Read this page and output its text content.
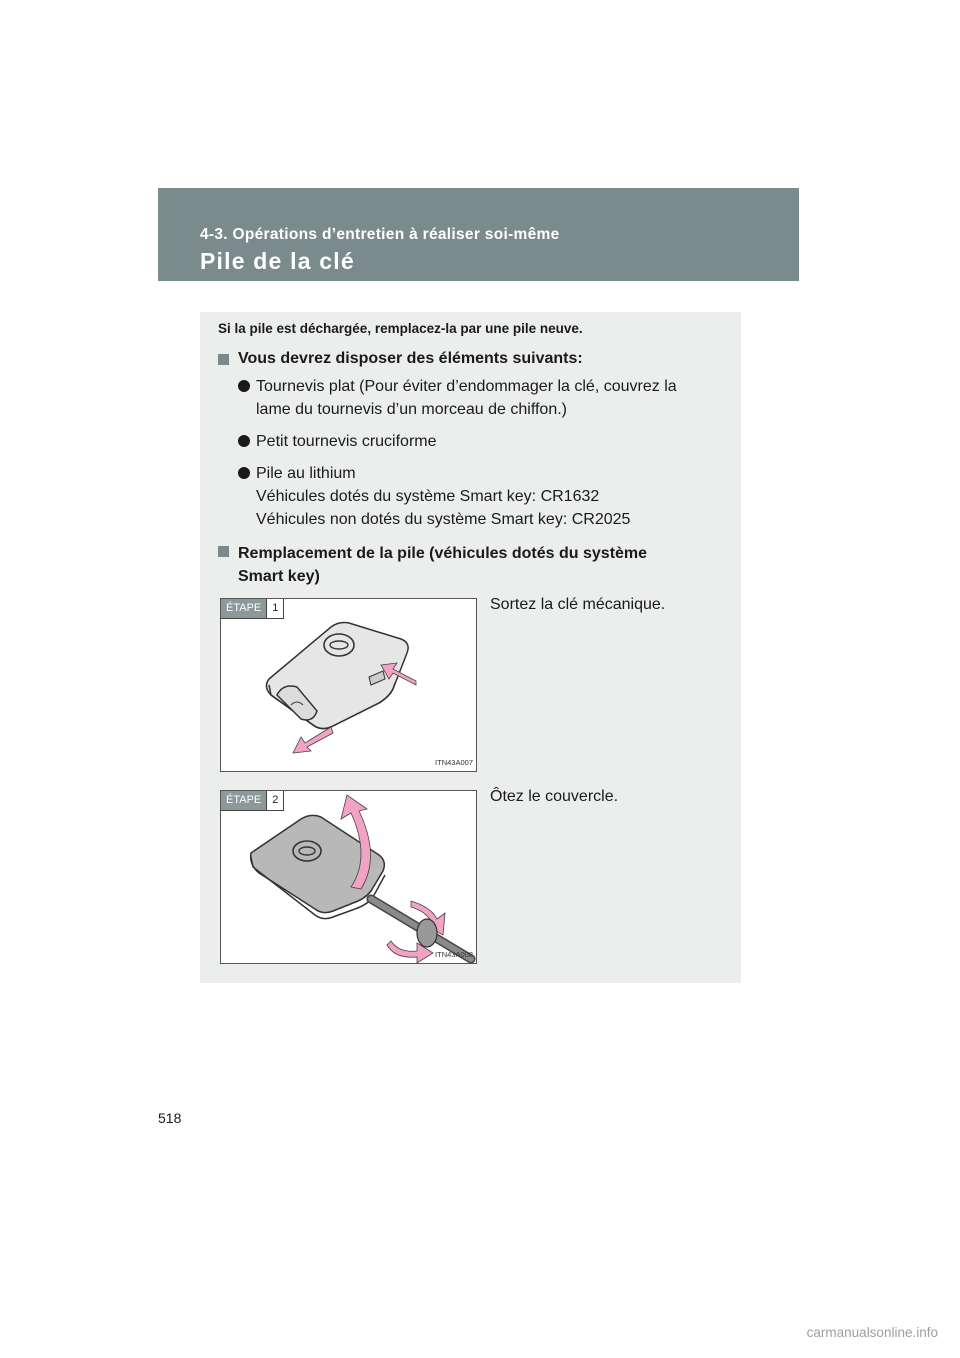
4-3. Opérations d’entretien à réaliser soi-même
Pile de la clé
Si la pile est déchargée, remplacez-la par une pile neuve.
Vous devrez disposer des éléments suivants:
Tournevis plat (Pour éviter d’endommager la clé, couvrez la
lame du tournevis d’un morceau de chiffon.)
Petit tournevis cruciforme
Pile au lithium
Véhicules dotés du système Smart key: CR1632
Véhicules non dotés du système Smart key: CR2025
Remplacement de la pile (véhicules dotés du système
Smart key)
ÉTAPE	1
ITN43A007
Sortez la clé mécanique.
ÉTAPE	2
ITN43A008
Ôtez le couvercle.
518
carmanualsonline.info
